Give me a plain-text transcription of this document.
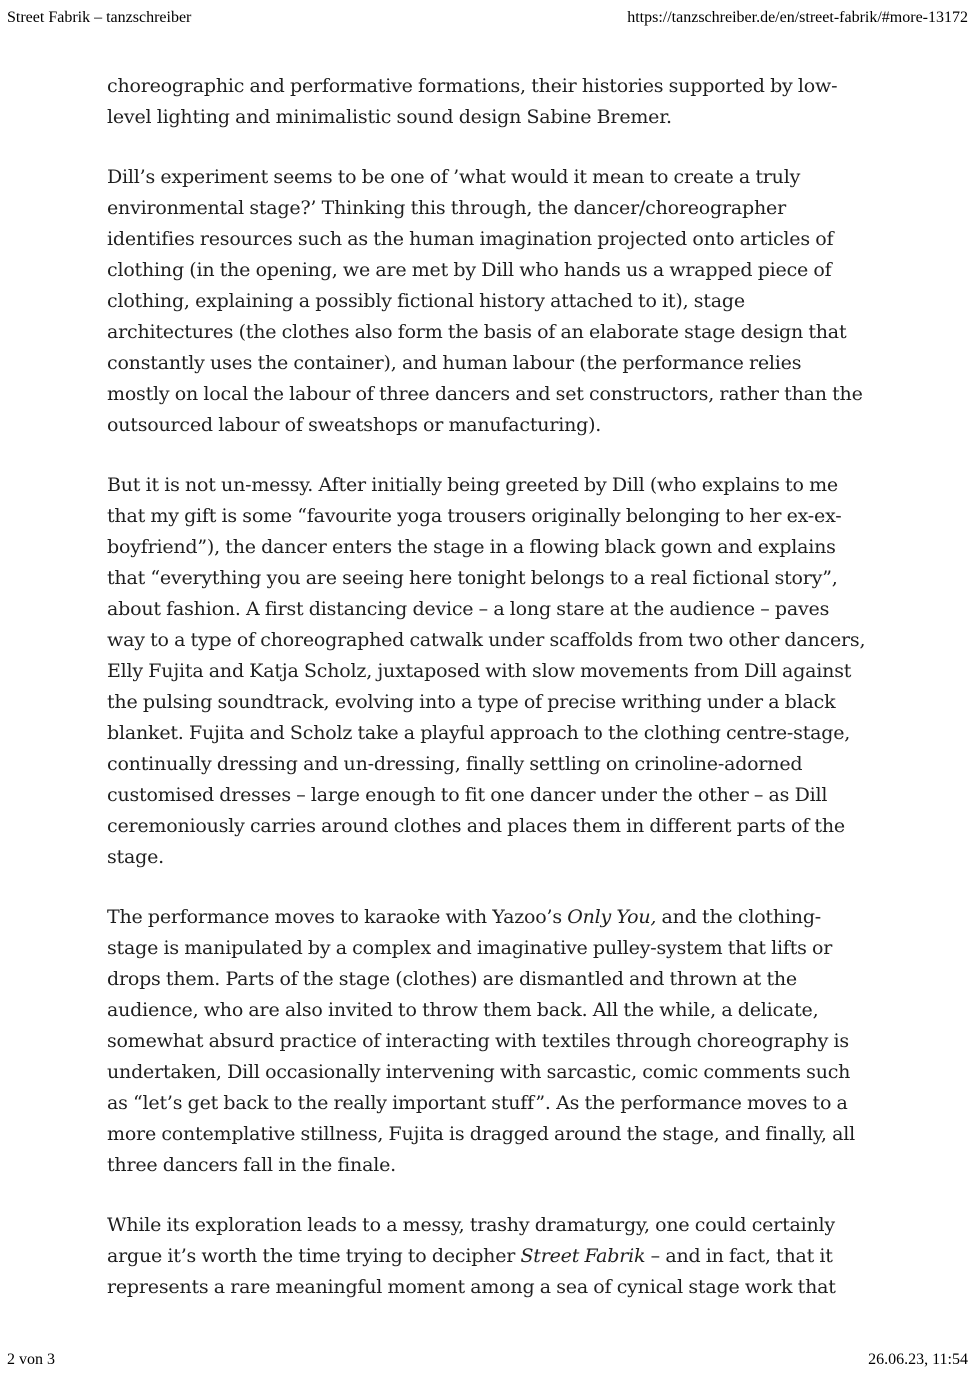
Street Fabrik – tanzschreiber	https://tanzschreiber.de/en/street-fabrik/#more-13172

choreographic and performative formations, their histories supported by low-level lighting and minimalistic sound design Sabine Bremer.

Dill’s experiment seems to be one of ’what would it mean to create a truly environmental stage?’ Thinking this through, the dancer/choreographer identifies resources such as the human imagination projected onto articles of clothing (in the opening, we are met by Dill who hands us a wrapped piece of clothing, explaining a possibly fictional history attached to it), stage architectures (the clothes also form the basis of an elaborate stage design that constantly uses the container), and human labour (the performance relies mostly on local the labour of three dancers and set constructors, rather than the outsourced labour of sweatshops or manufacturing).

But it is not un-messy. After initially being greeted by Dill (who explains to me that my gift is some “favourite yoga trousers originally belonging to her ex-ex-boyfriend”), the dancer enters the stage in a flowing black gown and explains that “everything you are seeing here tonight belongs to a real fictional story”, about fashion. A first distancing device – a long stare at the audience – paves way to a type of choreographed catwalk under scaffolds from two other dancers, Elly Fujita and Katja Scholz, juxtaposed with slow movements from Dill against the pulsing soundtrack, evolving into a type of precise writhing under a black blanket. Fujita and Scholz take a playful approach to the clothing centre-stage, continually dressing and un-dressing, finally settling on crinoline-adorned customised dresses – large enough to fit one dancer under the other – as Dill ceremoniously carries around clothes and places them in different parts of the stage.

The performance moves to karaoke with Yazoo’s Only You, and the clothing-stage is manipulated by a complex and imaginative pulley-system that lifts or drops them. Parts of the stage (clothes) are dismantled and thrown at the audience, who are also invited to throw them back. All the while, a delicate, somewhat absurd practice of interacting with textiles through choreography is undertaken, Dill occasionally intervening with sarcastic, comic comments such as “let’s get back to the really important stuff”. As the performance moves to a more contemplative stillness, Fujita is dragged around the stage, and finally, all three dancers fall in the finale.

While its exploration leads to a messy, trashy dramaturgy, one could certainly argue it’s worth the time trying to decipher Street Fabrik – and in fact, that it represents a rare meaningful moment among a sea of cynical stage work that

2 von 3	26.06.23, 11:54
